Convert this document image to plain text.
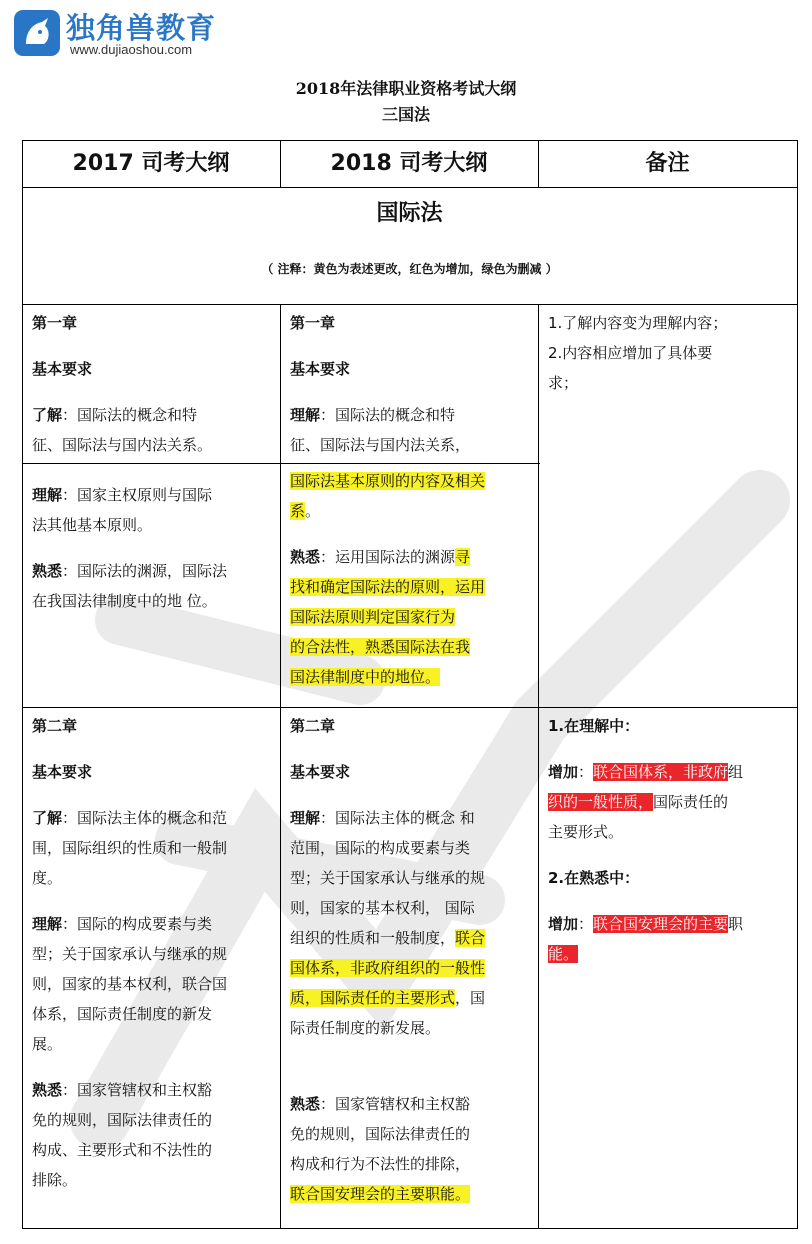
独角兽教育
www.dujiaoshou.com
2018年法律职业资格考试大纲
三国法
2017 司考大纲	2018 司考大纲	备注
国际法
（ 注释：黄色为表述更改，红色为增加，绿色为删减 ）

第一章

基本要求

了解：国际法的概念和特

征、国际法与国内法关系。

理解：国家主权原则与国际

法其他基本原则。

熟悉：国际法的渊源，国际法

在我国法律制度中的地 位。

第一章

基本要求

理解：国际法的概念和特

征、国际法与国内法关系，

国际法基本原则的内容及相关

系。

熟悉：运用国际法的渊源寻

找和确定国际法的原则，运用

国际法原则判定国家行为

的合法性，熟悉国际法在我

国法律制度中的地位。

1.了解内容变为理解内容；

2.内容相应增加了具体要

求；

第二章

基本要求

了解：国际法主体的概念和范

围，国际组织的性质和一般制

度。

理解：国际的构成要素与类

型；关于国家承认与继承的规

则，国家的基本权利，联合国

体系，国际责任制度的新发

展。

熟悉：国家管辖权和主权豁

免的规则，国际法律责任的

构成、主要形式和不法性的

排除。

第二章

基本要求

理解：国际法主体的概念 和

范围，国际的构成要素与类

型；关于国家承认与继承的规

则，国家的基本权利， 国际

组织的性质和一般制度，联合

国体系，非政府组织的一般性

质，国际责任的主要形式，国

际责任制度的新发展。

熟悉：国家管辖权和主权豁

免的规则，国际法律责任的

构成和行为不法性的排除，

联合国安理会的主要职能。

1.在理解中：

增加：联合国体系，非政府组

织的一般性质，国际责任的

主要形式。

2.在熟悉中：

增加：联合国安理会的主要职

能。
